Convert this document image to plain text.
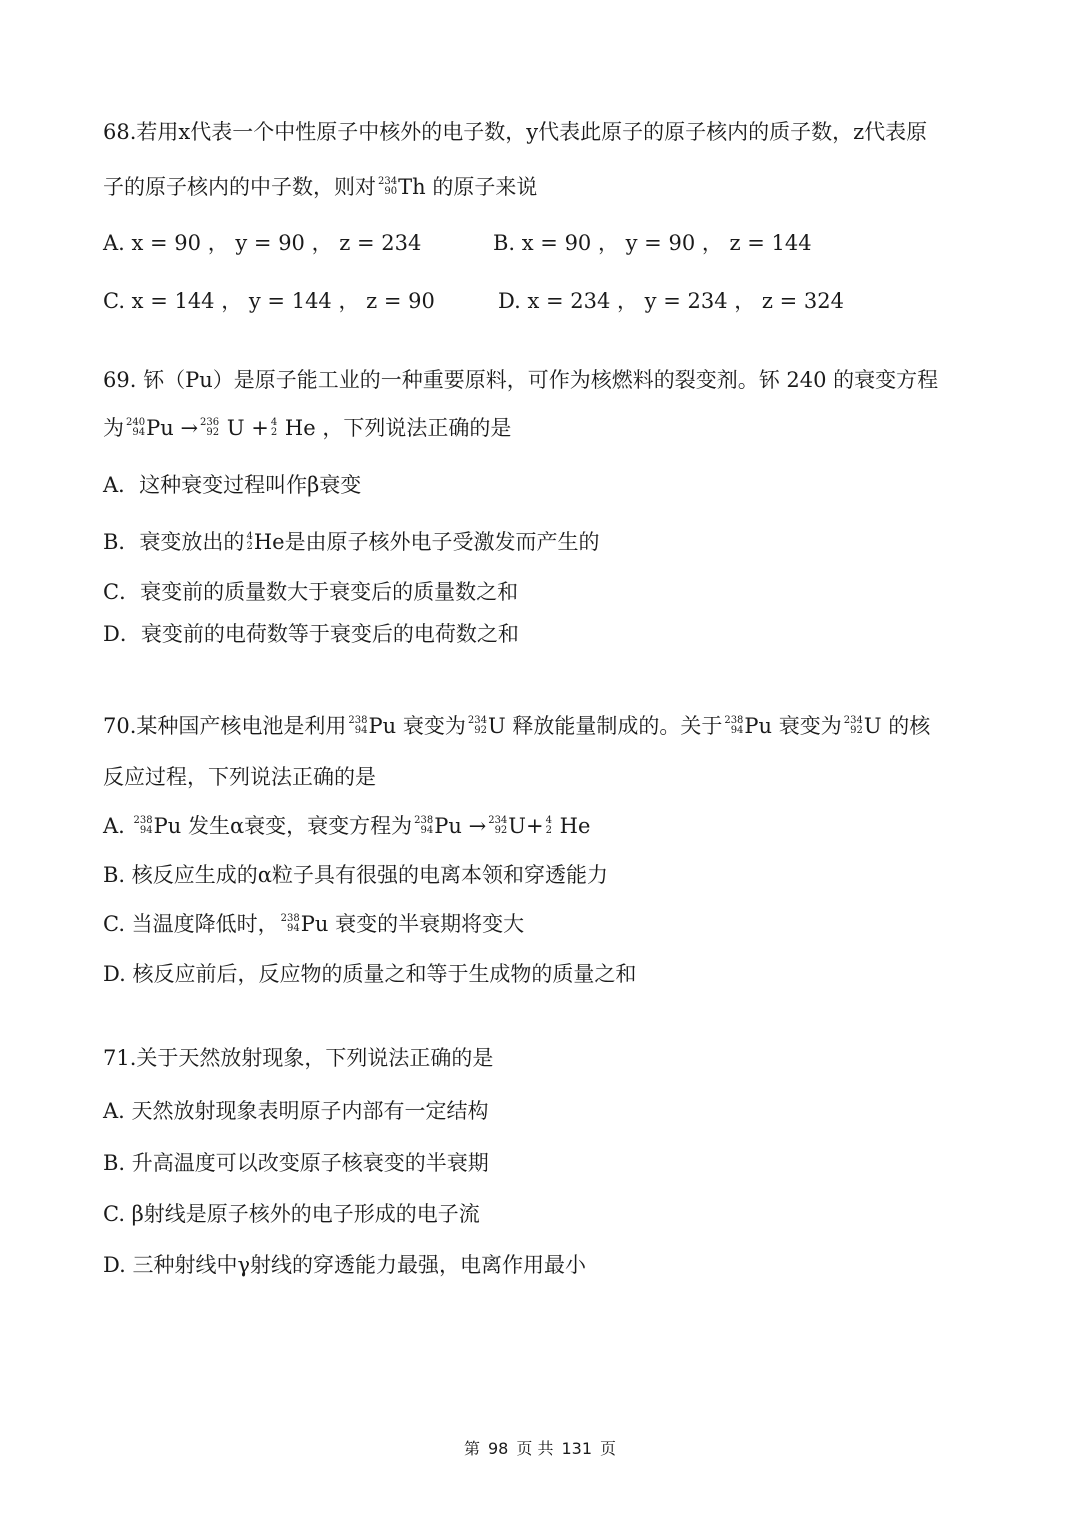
68.若用x代表一个中性原子中核外的电子数，y代表此原子的原子核内的质子数，z代表原
子的原子核内的中子数，则对 234
90 Th 的原子来说
A. x = 90 ， y = 90 ， z = 234	B. x = 90 ， y = 90 ， z = 144
C. x = 144 ， y = 144 ， z = 90	D. x = 234 ， y = 234 ， z = 324
69. 钚（Pu）是原子能工业的一种重要原料，可作为核燃料的裂变剂。钚 240 的衰变方程
为 240
94 Pu → 236
92 U + 4
2 He ，下列说法正确的是
A．这种衰变过程叫作β衰变
B．衰变放出的 4
2 He是由原子核外电子受激发而产生的
C．衰变前的质量数大于衰变后的质量数之和
D．衰变前的电荷数等于衰变后的电荷数之和
70.某种国产核电池是利用 238
94 Pu 衰变为 234
92 U 释放能量制成的。关于 238
94 Pu 衰变为 234
92 U 的核
反应过程，下列说法正确的是
A. 238
94 Pu 发生α衰变，衰变方程为 238
94 Pu → 234
92 U+ 4
2 He
B. 核反应生成的α粒子具有很强的电离本领和穿透能力
C. 当温度降低时， 238
94 Pu 衰变的半衰期将变大
D. 核反应前后，反应物的质量之和等于生成物的质量之和
71.关于天然放射现象，下列说法正确的是
A. 天然放射现象表明原子内部有一定结构
B. 升高温度可以改变原子核衰变的半衰期
C. β射线是原子核外的电子形成的电子流
D. 三种射线中γ射线的穿透能力最强，电离作用最小
第 98 页 共 131 页
